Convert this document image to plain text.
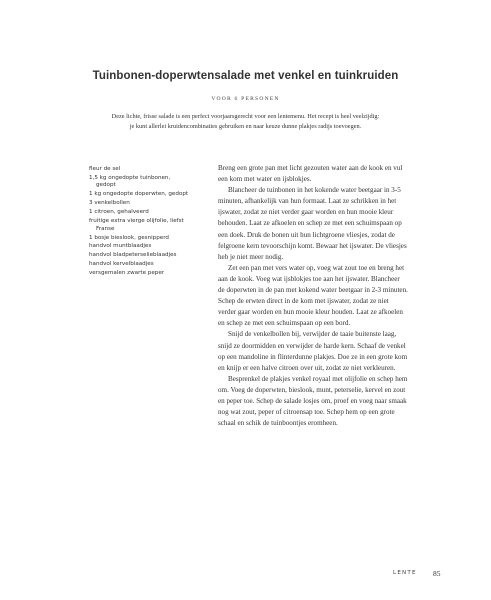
Tuinbonen-doperwtensalade met venkel en tuinkruiden
VOOR 6 PERSONEN
Deze lichte, frisse salade is een perfect voorjaarsgerecht voor een lentemenu. Het recept is heel veelzijdig: je kunt allerlei kruidencombinaties gebruiken en naar keuze dunne plakjes radijs toevoegen.
fleur de sel
1,5 kg ongedopte tuinbonen, gedopt
1 kg ongedopte doperwten, gedopt
3 venkelbollen
1 citroen, gehalveerd
fruitige extra vierge olijfolie, liefst Franse
1 bosje bieslook, gesnipperd
handvol muntblaadjes
handvol bladpeterselieblaadjes
handvol kervelblaadjes
versgemalen zwarte peper

Breng een grote pan met licht gezouten water aan de kook en vul een kom met water en ijsblokjes.

Blancheer de tuinbonen in het kokende water beetgaar in 3-5 minuten, afhankelijk van hun formaat. Laat ze schrikken in het ijswater, zodat ze niet verder gaar worden en hun mooie kleur behouden. Laat ze afkoelen en schep ze met een schuimspaan op een doek. Druk de bonen uit hun lichtgroene vliesjes, zodat de felgroene kern tevoorschijn komt. Bewaar het ijswater. De vliesjes heb je niet meer nodig.

Zet een pan met vers water op, voeg wat zout toe en breng het aan de kook. Voeg wat ijsblokjes toe aan het ijswater. Blancheer de doperwten in de pan met kokend water beetgaar in 2-3 minuten. Schep de erwten direct in de kom met ijswater, zodat ze niet verder gaar worden en hun mooie kleur houden. Laat ze afkoelen en schep ze met een schuimspaan op een bord.

Snijd de venkelbollen bij, verwijder de taaie buitenste laag, snijd ze doormidden en verwijder de harde kern. Schaaf de venkel op een mandoline in flinterdunne plakjes. Doe ze in een grote kom en knijp er een halve citroen over uit, zodat ze niet verkleuren.

Besprenkel de plakjes venkel royaal met olijfolie en schep hem om. Voeg de doperwten, bieslook, munt, peterselie, kervel en zout en peper toe. Schep de salade losjes om, proef en voeg naar smaak nog wat zout, peper of citroensap toe. Schep hem op een grote schaal en schik de tuinboontjes eromheen.

LENTE 85
